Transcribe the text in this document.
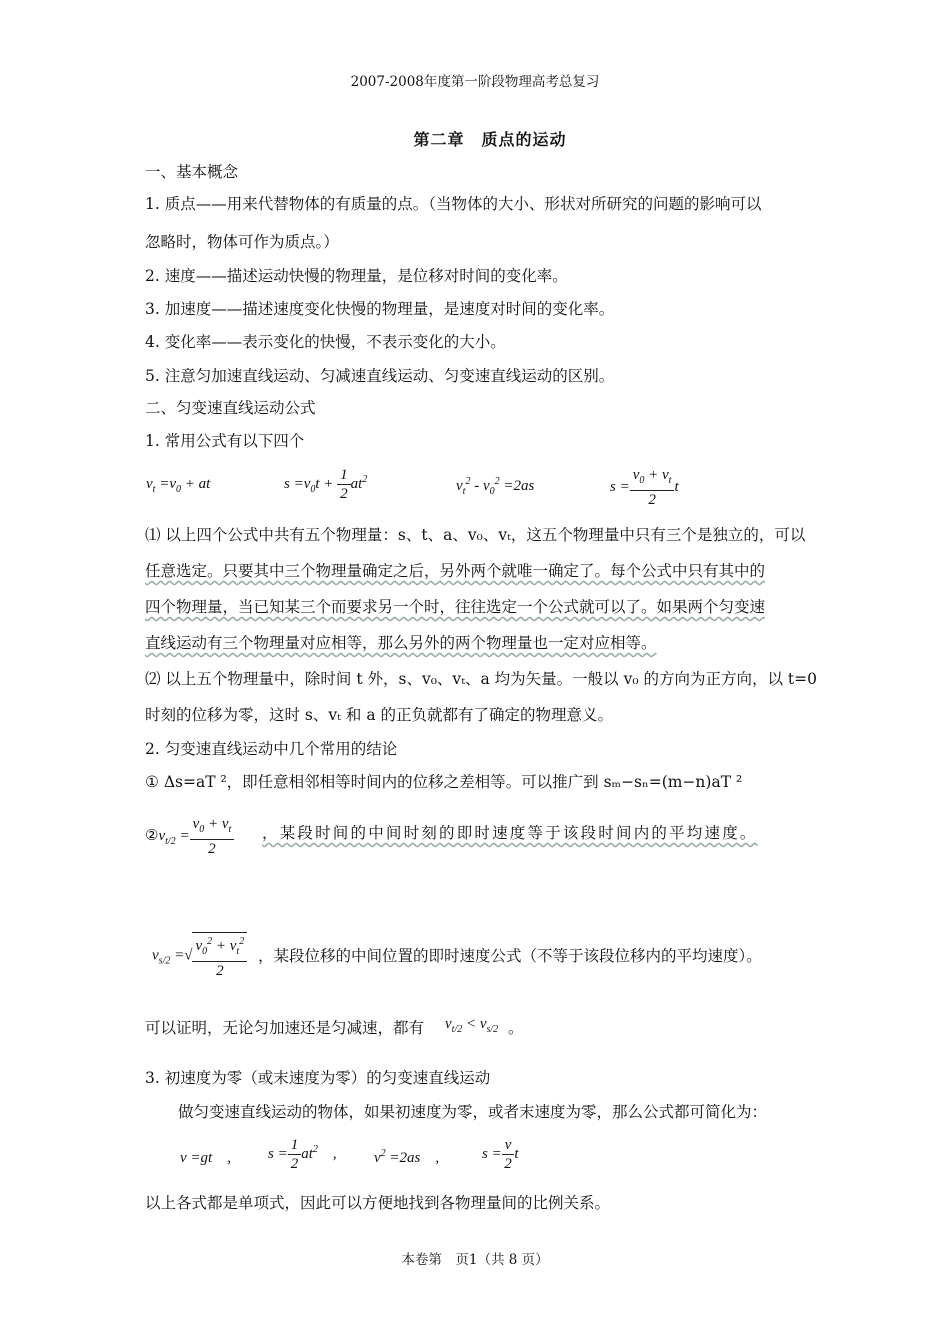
2007-2008年度第一阶段物理高考总复习
第二章　质点的运动
一、基本概念
1. 质点——用来代替物体的有质量的点。（当物体的大小、形状对所研究的问题的影响可以
忽略时，物体可作为质点。）
2. 速度——描述运动快慢的物理量，是位移对时间的变化率。
3. 加速度——描述速度变化快慢的物理量，是速度对时间的变化率。
4. 变化率——表示变化的快慢，不表示变化的大小。
5. 注意匀加速直线运动、匀减速直线运动、匀变速直线运动的区别。
二、匀变速直线运动公式
1. 常用公式有以下四个
$v_t =v_0$ + at	$s =v_0t + \frac{1}{2} at^2$	$v_t^2 - v_0^2 =2as$	$s = \frac{v_0 + v_t}{2}$ t
⑴ 以上四个公式中共有五个物理量：s、t、a、v₀、vₜ，这五个物理量中只有三个是独立的，可以
任意选定。只要其中三个物理量确定之后，另外两个就唯一确定了。每个公式中只有其中的
四个物理量，当已知某三个而要求另一个时，往往选定一个公式就可以了。如果两个匀变速
直线运动有三个物理量对应相等，那么另外的两个物理量也一定对应相等。
⑵ 以上五个物理量中，除时间 t 外，s、v₀、vₜ、a 均为矢量。一般以 v₀ 的方向为正方向，以 t=0
时刻的位移为零，这时 s、vₜ 和 a 的正负就都有了确定的物理意义。
2. 匀变速直线运动中几个常用的结论
① Δs=aT ²，即任意相邻相等时间内的位移之差相等。可以推广到 sₘ−sₙ=(m−n)aT ²
$②v_{t/2} = \frac{v_0 + v_t}{2}$ ，某段时间的中间时刻的即时速度等于该段时间内的平均速度。
$v_{s/2}$ =√ $\frac{v_0^2 + v_t^2}{2}$ ，某段位移的中间位置的即时速度公式（不等于该段位移内的平均速度）。
可以证明，无论匀加速还是匀减速，都有 $v_{t/2} < v_{s/2}$ 。
3. 初速度为零（或末速度为零）的匀变速直线运动
做匀变速直线运动的物体，如果初速度为零，或者末速度为零，那么公式都可简化为：
v =gt　, $s = \frac{1}{2} at^2$　, $v^2 =2as$　,	$s = \frac{v}{2}$ t
以上各式都是单项式，因此可以方便地找到各物理量间的比例关系。
本卷第　页1（共 8 页）
